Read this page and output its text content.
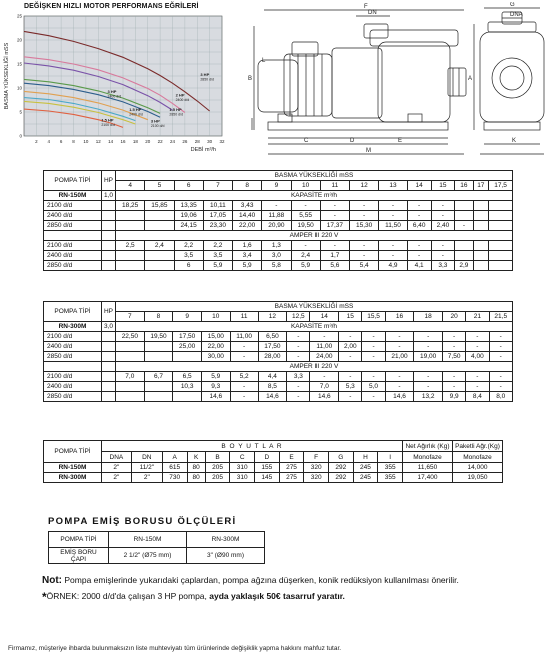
DEĞİŞKEN HIZLI MOTOR PERFORMANS EĞRİLERİ
2 4 6 8 10 12 14 16 18 20 22 24 26 28 30 32
0
5
10
15
20
25
DEBİ m³/h
BASMA YÜKSEKLİĞİ mSS	3 HP
2850 d/d
2 HP
2400 d/d
3 HP
2400 d/d
1.5 HP
2400 d/d
1.5 HP
2850 d/d
1.5 HP
2100 d/d
3 HP
2100 d/d
F
DN	DNA
G
B
L
D
C	E
M
A
K
POMPA TİPİ	HP	BASMA YÜKSEKLİĞİ mSS														
		4	5	6	7	8	9	10	11	12	13	14	15	16	17	17,5
RN-150M	1,0	KAPASİTE m³/h														
2100 d/d		18,25	15,85	13,35	10,11	3,43	-	-	-	-	-	-	-			
2400 d/d				19,06	17,05	14,40	11,88	5,55	-	-	-	-	-			
2850 d/d				24,15	23,30	22,00	20,90	19,50	17,37	15,30	11,50	6,40	2,40	-		
		AMPER ⅡI 220 V														
2100 d/d		2,5	2,4	2,2	2,2	1,6	1,3	-	-	-	-	-	-			
2400 d/d				3,5	3,5	3,4	3,0	2,4	1,7	-	-	-	-			
2850 d/d				6	5,9	5,9	5,8	5,9	5,6	5,4	4,9	4,1	3,3	2,9		
POMPA TİPİ	HP	BASMA YÜKSEKLİĞİ mSS														
		7	8	9	10	11	12	12,5	14	15	15,5	16	18	20	21	21,5
RN-300M	3,0	KAPASİTE m³/h														
2100 d/d		22,50	19,50	17,50	15,00	11,00	6,50	-	-	-	-	-	-	-	-	-
2400 d/d				25,00	22,00	-	17,50	-	11,00	2,00	-	-	-	-	-	-
2850 d/d					30,00	-	28,00	-	24,00	-	-	21,00	19,00	7,50	4,00	-
		AMPER ⅡI 220 V														
2100 d/d		7,0	6,7	6,5	5,9	5,2	4,4	3,3	-	-	-	-	-	-	-	-
2400 d/d				10,3	9,3	-	8,5	-	7,0	5,3	5,0	-	-	-	-	-
2850 d/d					14,6	-	14,6	-	14,6	-	-	14,6	13,2	9,9	8,4	8,0
POMPA TİPİ	B O Y U T L A R												Net Ağırlık (Kg)	Paketli Ağr.(Kg)
	DNA	DN	A	K	B	C	D	E	F	G	H	I	Monofaze	Monofaze
RN-150M	2"	11/2"	615	80	205	310	155	275	320	292	245	355	11,650	14,000
RN-300M	2"	2"	730	80	205	310	145	275	320	292	245	355	17,400	19,050
POMPA EMİŞ BORUSU ÖLÇÜLERİ
POMPA TİPİ	RN-150M	RN-300M
EMİŞ BORU ÇAPI	2 1/2" (Ø75 mm)	3" (Ø90 mm)
Not: Pompa emişlerinde yukarıdaki çaplardan, pompa ağzına düşerken, konik redüksiyon kullanılması önerilir.
*ÖRNEK: 2000 d/d'da çalışan 3 HP pompa, ayda yaklaşık 50€ tasarruf yaratır.
Firmamız, müşteriye ihbarda bulunmaksızın liste muhteviyatı tüm ürünlerinde değişiklik yapma hakkını mahfuz tutar.
